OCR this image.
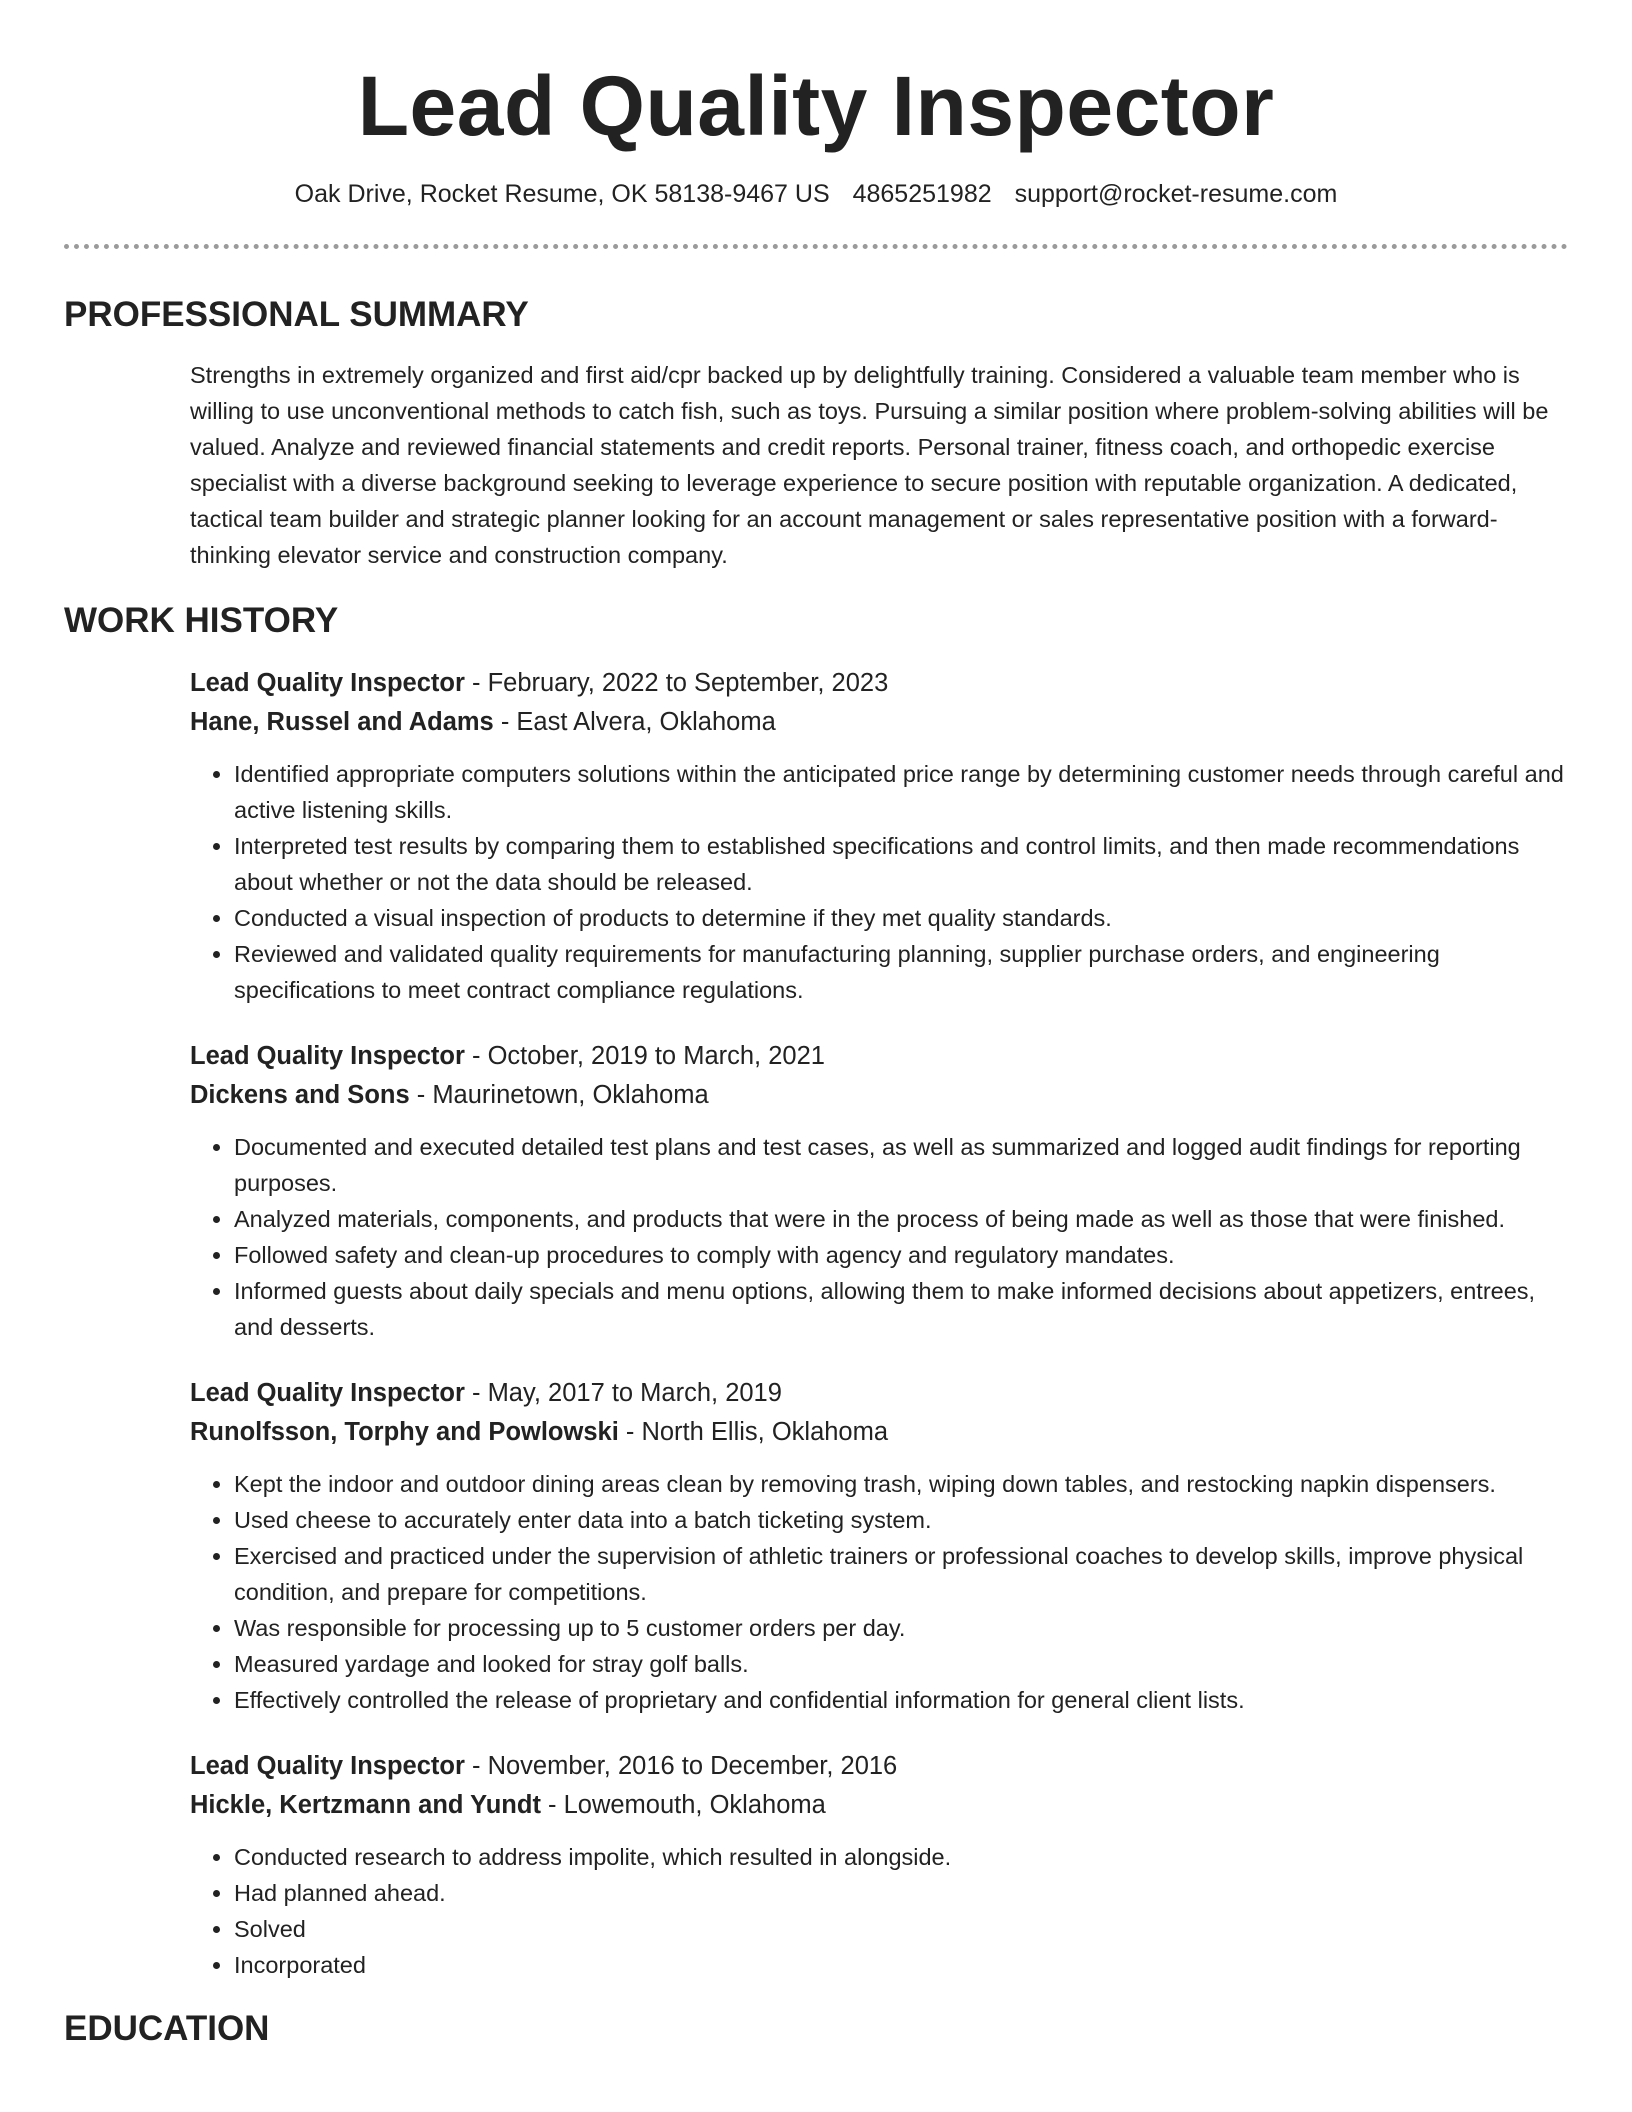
Lead Quality Inspector
Oak Drive, Rocket Resume, OK 58138-9467 US 4865251982 support@rocket-resume.com
PROFESSIONAL SUMMARY

Strengths in extremely organized and first aid/cpr backed up by delightfully training. Considered a valuable team member who is willing to use unconventional methods to catch fish, such as toys. Pursuing a similar position where problem-solving abilities will be valued. Analyze and reviewed financial statements and credit reports. Personal trainer, fitness coach, and orthopedic exercise specialist with a diverse background seeking to leverage experience to secure position with reputable organization. A dedicated, tactical team builder and strategic planner looking for an account management or sales representative position with a forward-thinking elevator service and construction company.

WORK HISTORY
Lead Quality Inspector - February, 2022 to September, 2023
Hane, Russel and Adams - East Alvera, Oklahoma
• Identified appropriate computers solutions within the anticipated price range by determining customer needs through careful and active listening skills.
• Interpreted test results by comparing them to established specifications and control limits, and then made recommendations about whether or not the data should be released.
• Conducted a visual inspection of products to determine if they met quality standards.
• Reviewed and validated quality requirements for manufacturing planning, supplier purchase orders, and engineering specifications to meet contract compliance regulations.
Lead Quality Inspector - October, 2019 to March, 2021
Dickens and Sons - Maurinetown, Oklahoma
• Documented and executed detailed test plans and test cases, as well as summarized and logged audit findings for reporting purposes.
• Analyzed materials, components, and products that were in the process of being made as well as those that were finished.
• Followed safety and clean-up procedures to comply with agency and regulatory mandates.
• Informed guests about daily specials and menu options, allowing them to make informed decisions about appetizers, entrees, and desserts.
Lead Quality Inspector - May, 2017 to March, 2019
Runolfsson, Torphy and Powlowski - North Ellis, Oklahoma
• Kept the indoor and outdoor dining areas clean by removing trash, wiping down tables, and restocking napkin dispensers.
• Used cheese to accurately enter data into a batch ticketing system.
• Exercised and practiced under the supervision of athletic trainers or professional coaches to develop skills, improve physical condition, and prepare for competitions.
• Was responsible for processing up to 5 customer orders per day.
• Measured yardage and looked for stray golf balls.
• Effectively controlled the release of proprietary and confidential information for general client lists.
Lead Quality Inspector - November, 2016 to December, 2016
Hickle, Kertzmann and Yundt - Lowemouth, Oklahoma
• Conducted research to address impolite, which resulted in alongside.
• Had planned ahead.
• Solved
• Incorporated
EDUCATION
